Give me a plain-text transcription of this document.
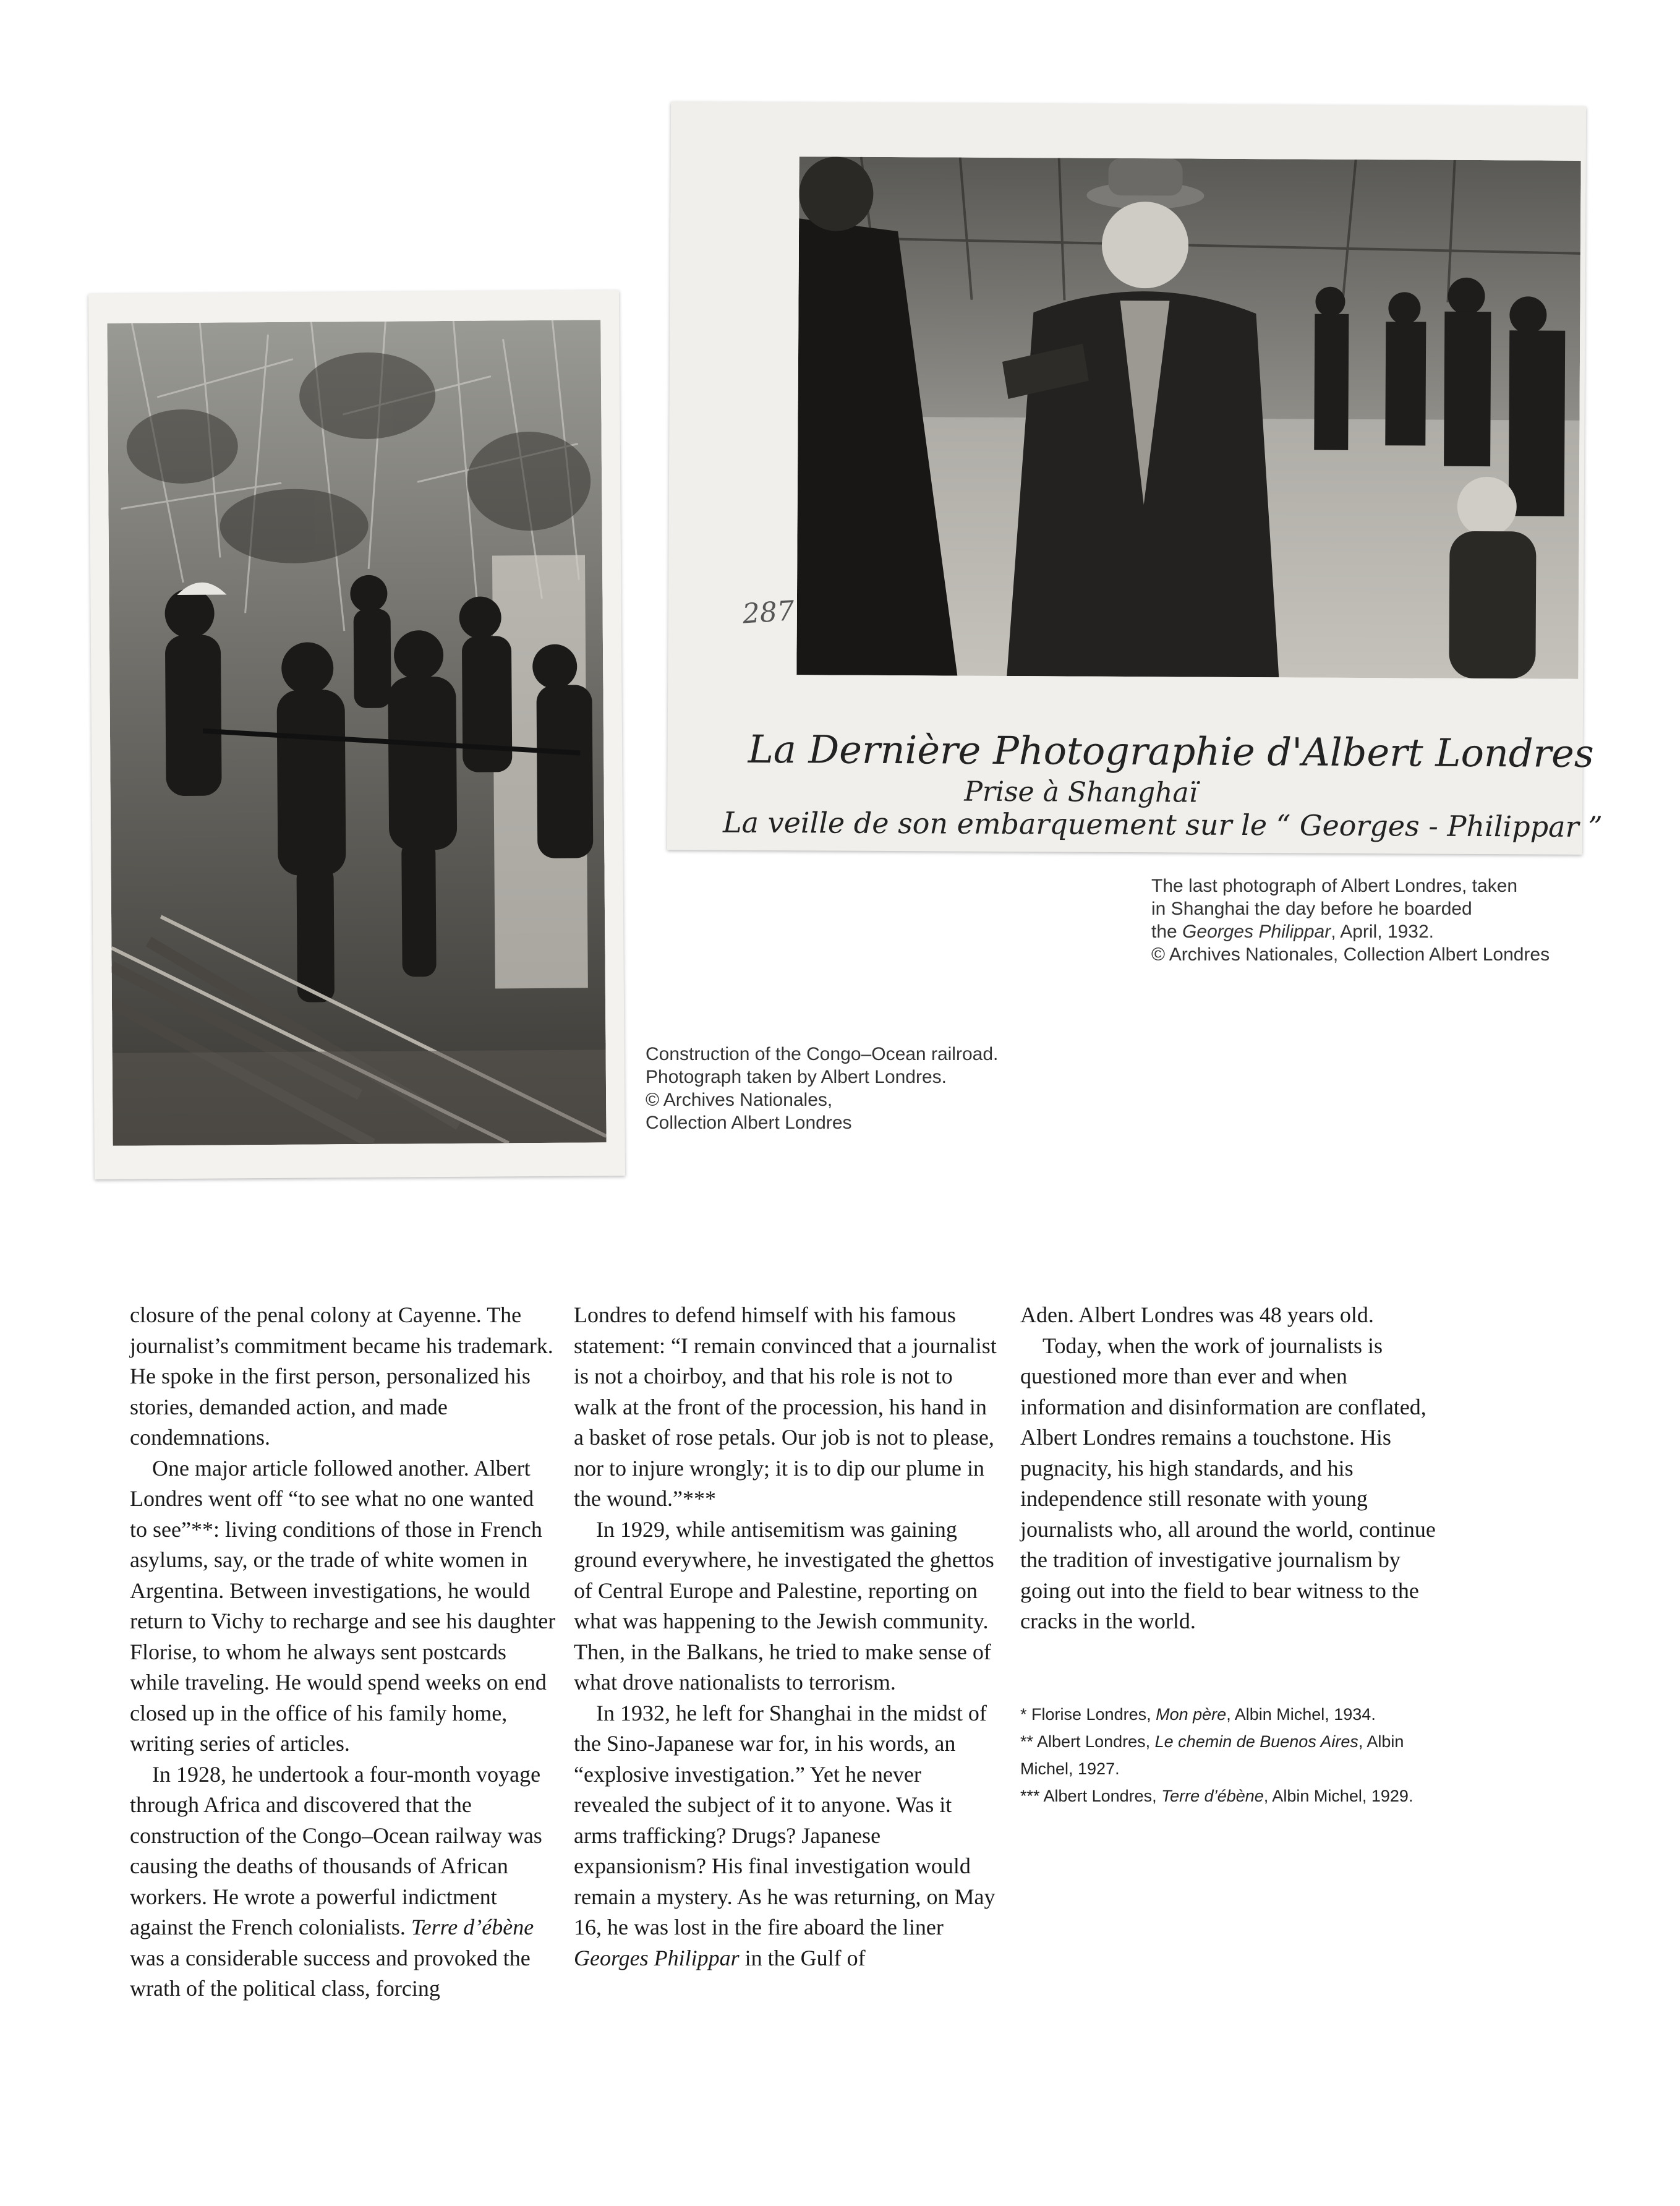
287
La Dernière Photographie d'Albert Londres
Prise à Shanghaï
La veille de son embarquement sur le “ Georges - Philippar ”
The last photograph of Albert Londres, taken
in Shanghai the day before he boarded
the Georges Philippar, April, 1932.
© Archives Nationales, Collection Albert Londres
Construction of the Congo–Ocean railroad.
Photograph taken by Albert Londres.
© Archives Nationales,
Collection Albert Londres

closure of the penal colony at Cayenne. The journalist’s commitment became his trademark. He spoke in the first person, personalized his stories, demanded action, and made condemnations.

One major article followed another. Albert Londres went off “to see what no one wanted to see”**: living conditions of those in French asylums, say, or the trade of white women in Argentina. Between investigations, he would return to Vichy to recharge and see his daughter Florise, to whom he always sent postcards while traveling. He would spend weeks on end closed up in the office of his family home, writing series of articles.

In 1928, he undertook a four-month voyage through Africa and discovered that the construction of the Congo–Ocean railway was causing the deaths of thousands of African workers. He wrote a powerful indictment against the French colonialists. Terre d’ébène was a considerable success and provoked the wrath of the political class, forcing

Londres to defend himself with his famous statement: “I remain convinced that a journalist is not a choirboy, and that his role is not to walk at the front of the procession, his hand in a basket of rose petals. Our job is not to please, nor to injure wrongly; it is to dip our plume in the wound.”***

In 1929, while antisemitism was gaining ground everywhere, he investigated the ghettos of Central Europe and Palestine, reporting on what was happening to the Jewish community. Then, in the Balkans, he tried to make sense of what drove nationalists to terrorism.

In 1932, he left for Shanghai in the midst of the Sino-Japanese war for, in his words, an “explosive investigation.” Yet he never revealed the subject of it to anyone. Was it arms trafficking? Drugs? Japanese expansionism? His final investigation would remain a mystery. As he was returning, on May 16, he was lost in the fire aboard the liner Georges Philippar in the Gulf of

Aden. Albert Londres was 48 years old.

Today, when the work of journalists is questioned more than ever and when information and disinformation are conflated, Albert Londres remains a touchstone. His pugnacity, his high standards, and his independence still resonate with young journalists who, all around the world, continue the tradition of investigative journalism by going out into the field to bear witness to the cracks in the world.

* Florise Londres, Mon père, Albin Michel, 1934.
** Albert Londres, Le chemin de Buenos Aires, Albin Michel, 1927.
*** Albert Londres, Terre d’ébène, Albin Michel, 1929.
